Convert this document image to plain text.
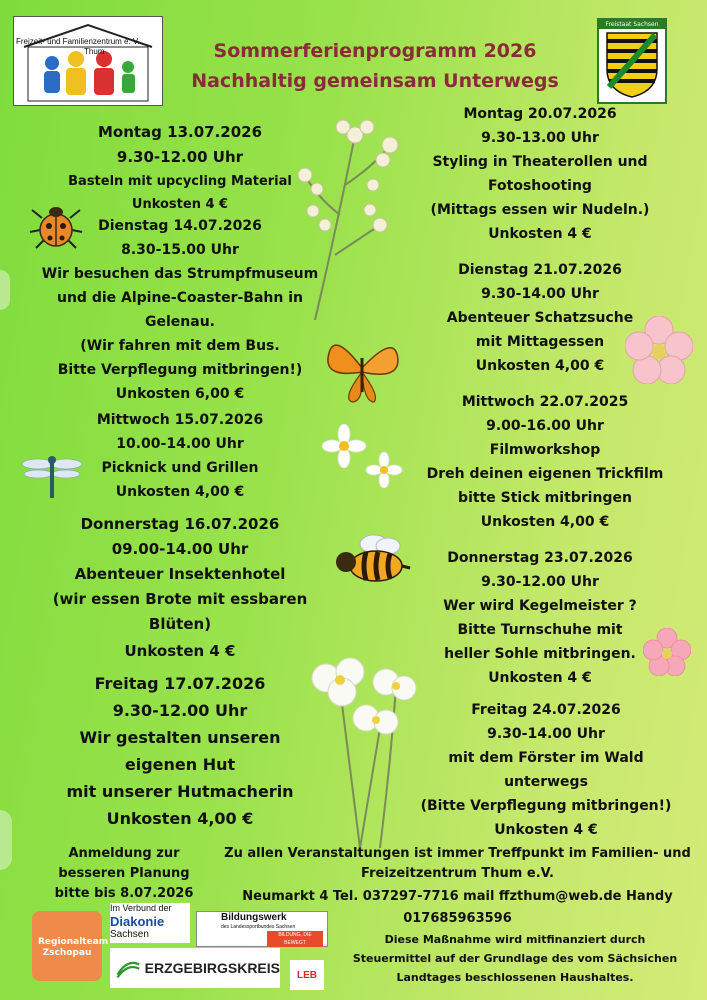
Freizeit- und Familienzentrum e. V.
Thum
Freistaat Sachsen
Sommerferienprogramm 2026
Nachhaltig gemeinsam Unterwegs
Montag 13.07.2026
9.30-12.00 Uhr
Basteln mit upcycling Material
Unkosten 4 €
Dienstag 14.07.2026
8.30-15.00 Uhr
Wir besuchen das Strumpfmuseum
und die Alpine-Coaster-Bahn in
Gelenau.
(Wir fahren mit dem Bus.
Bitte Verpflegung mitbringen!)
Unkosten 6,00 €
Mittwoch 15.07.2026
10.00-14.00 Uhr
Picknick und Grillen
Unkosten 4,00 €
Donnerstag 16.07.2026
09.00-14.00 Uhr
Abenteuer Insektenhotel
(wir essen Brote mit essbaren
Blüten)
Unkosten 4 €
Freitag 17.07.2026
9.30-12.00 Uhr
Wir gestalten unseren
eigenen Hut
mit unserer Hutmacherin
Unkosten 4,00 €
Montag 20.07.2026
9.30-13.00 Uhr
Styling in Theaterollen und
Fotoshooting
(Mittags essen wir Nudeln.)
Unkosten 4 €
Dienstag 21.07.2026
9.30-14.00 Uhr
Abenteuer Schatzsuche
mit Mittagessen
Unkosten 4,00 €
Mittwoch 22.07.2025
9.00-16.00 Uhr
Filmworkshop
Dreh deinen eigenen Trickfilm
bitte Stick mitbringen
Unkosten 4,00 €
Donnerstag 23.07.2026
9.30-12.00 Uhr
Wer wird Kegelmeister ?
Bitte Turnschuhe mit
heller Sohle mitbringen.
Unkosten 4 €
Freitag 24.07.2026
9.30-14.00 Uhr
mit dem Förster im Wald
unterwegs
(Bitte Verpflegung mitbringen!)
Unkosten 4 €
Anmeldung zur
besseren Planung
bitte bis 8.07.2026
Zu allen Veranstaltungen ist immer Treffpunkt im Familien- und
Freizeitzentrum Thum e.V.
Neumarkt 4 Tel. 037297-7716 mail ffzthum@web.de Handy
017685963596
Diese Maßnahme wird mitfinanziert durch
Steuermittel auf der Grundlage des vom Sächsichen
Landtages beschlossenen Haushaltes.
Regionalteam Zschopau
Im Verbund der
Diakonie
Sachsen
Bildungswerk
des Landessportbundes Sachsen
BILDUNG, DIE BEWEGT
ERZGEBIRGSKREIS LEB
